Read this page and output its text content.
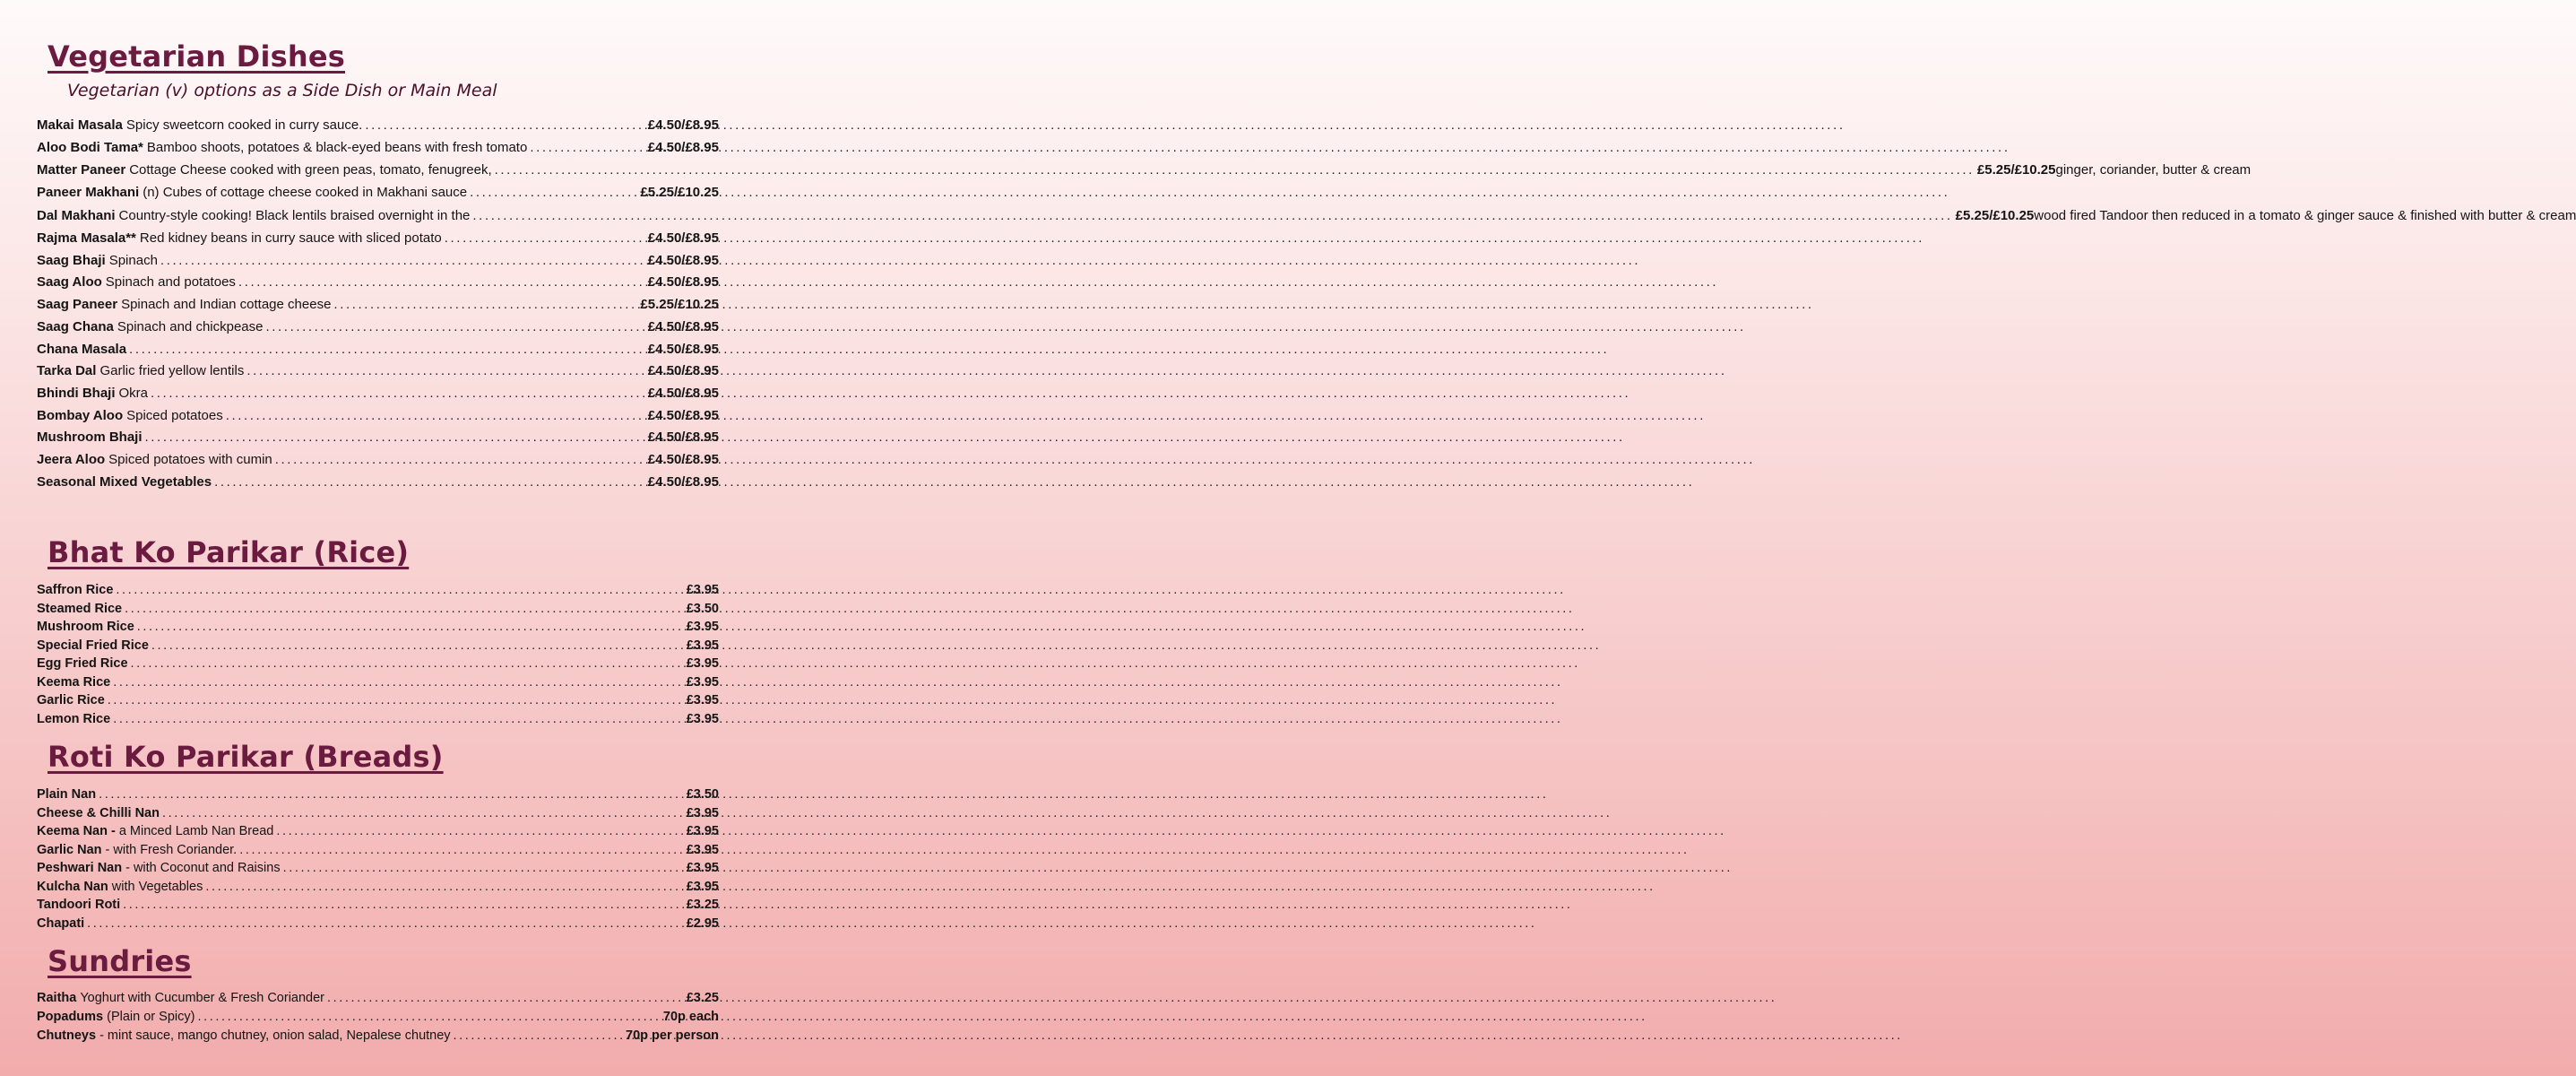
Vegetarian Dishes

Vegetarian (v) options as a Side Dish or Main Meal

Makai Masala Spicy sweetcorn cooked in curry sauce. .....	£4.50/£8.95
Aloo Bodi Tama* Bamboo shoots, potatoes & black-eyed beans with fresh tomato .....	£4.50/£8.95
Matter Paneer Cottage Cheese cooked with green peas, tomato, fenugreek, .....	£5.25/£10.25 ginger, coriander, butter & cream
Paneer Makhani (n) Cubes of cottage cheese cooked in Makhani sauce .....	£5.25/£10.25
Dal Makhani Country-style cooking! Black lentils braised overnight in the .....	£5.25/£10.25 wood fired Tandoor then reduced in a tomato & ginger sauce & finished with butter & cream
Rajma Masala** Red kidney beans in curry sauce with sliced potato .....	£4.50/£8.95
Saag Bhaji Spinach .....	£4.50/£8.95
Saag Aloo Spinach and potatoes .....	£4.50/£8.95
Saag Paneer Spinach and Indian cottage cheese .....	£5.25/£10.25
Saag Chana Spinach and chickpease .....	£4.50/£8.95
Chana Masala .....	£4.50/£8.95
Tarka Dal Garlic fried yellow lentils .....	£4.50/£8.95
Bhindi Bhaji Okra .....	£4.50/£8.95
Bombay Aloo Spiced potatoes .....	£4.50/£8.95
Mushroom Bhaji .....	£4.50/£8.95
Jeera Aloo Spiced potatoes with cumin .....	£4.50/£8.95
Seasonal Mixed Vegetables .....	£4.50/£8.95
Bhat Ko Parikar (Rice)
Saffron Rice .....	£3.95
Steamed Rice .....	£3.50
Mushroom Rice .....	£3.95
Special Fried Rice .....	£3.95
Egg Fried Rice .....	£3.95
Keema Rice .....	£3.95
Garlic Rice .....	£3.95
Lemon Rice .....	£3.95
Roti Ko Parikar (Breads)
Plain Nan .....	£3.50
Cheese & Chilli Nan .....	£3.95
Keema Nan - a Minced Lamb Nan Bread .....	£3.95
Garlic Nan - with Fresh Coriander. .....	£3.95
Peshwari Nan - with Coconut and Raisins .....	£3.95
Kulcha Nan with Vegetables .....	£3.95
Tandoori Roti .....	£3.25
Chapati .....	£2.95
Sundries
Raitha Yoghurt with Cucumber & Fresh Coriander .....	£3.25
Popadums (Plain or Spicy) .....	70p each
Chutneys - mint sauce, mango chutney, onion salad, Nepalese chutney .....	70p per person
